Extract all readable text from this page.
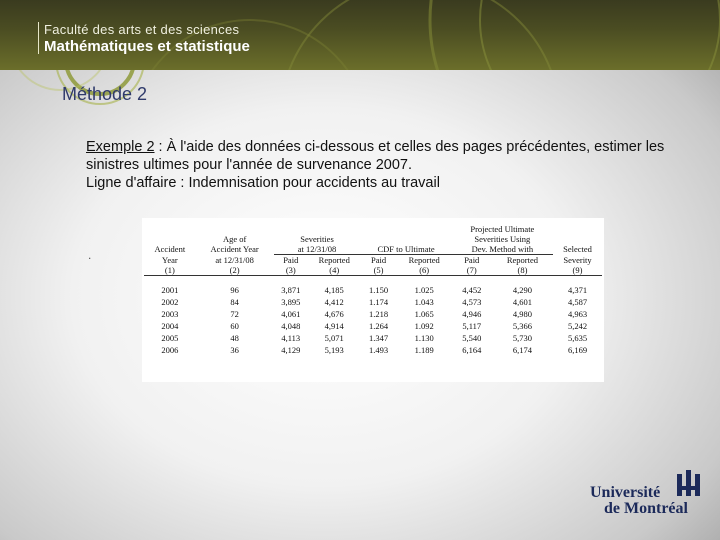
Faculté des arts et des sciences
Mathématiques et statistique
Méthode 2
Exemple 2 : À l'aide des données ci-dessous et celles des pages précédentes, estimer les sinistres ultimes pour l'année de survenance 2007.
Ligne d'affaire : Indemnisation pour accidents au travail
.
						Projected Ultimate		
	Age of	Severities				Severities Using		
Accident	Accident Year	at 12/31/08		CDF to Ultimate		Dev. Method with		Selected
Year	at 12/31/08	Paid	Reported	Paid	Reported	Paid	Reported	Severity
(1)	(2)	(3)	(4)	(5)	(6)	(7)	(8)	(9)
2001	96	3,871	4,185	1.150	1.025	4,452	4,290	4,371
2002	84	3,895	4,412	1.174	1.043	4,573	4,601	4,587
2003	72	4,061	4,676	1.218	1.065	4,946	4,980	4,963
2004	60	4,048	4,914	1.264	1.092	5,117	5,366	5,242
2005	48	4,113	5,071	1.347	1.130	5,540	5,730	5,635
2006	36	4,129	5,193	1.493	1.189	6,164	6,174	6,169
Université
de Montréal
